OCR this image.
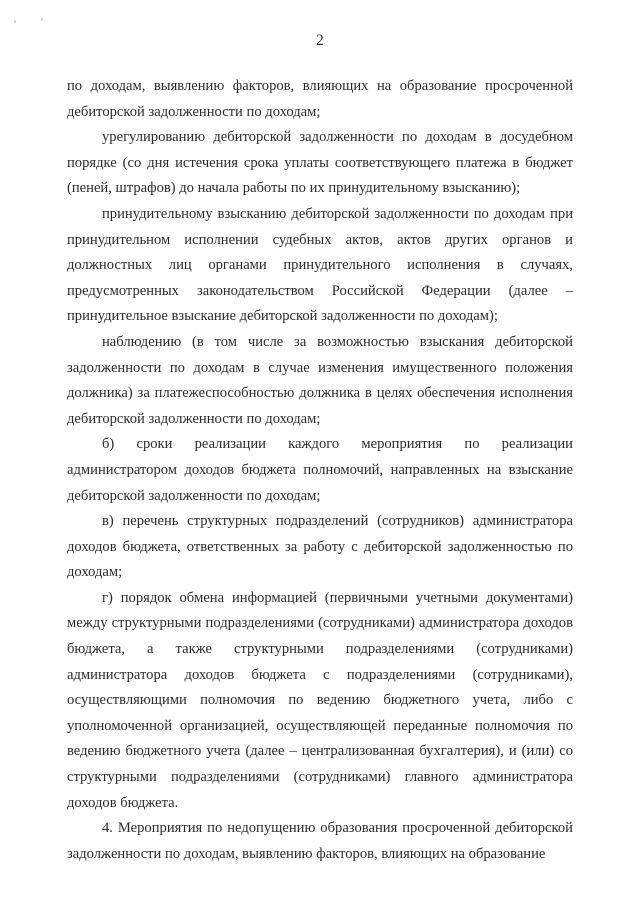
2

по доходам, выявлению факторов, влияющих на образование просроченной дебиторской задолженности по доходам;

урегулированию дебиторской задолженности по доходам в досудебном порядке (со дня истечения срока уплаты соответствующего платежа в бюджет (пеней, штрафов) до начала работы по их принудительному взысканию);

принудительному взысканию дебиторской задолженности по доходам при принудительном исполнении судебных актов, актов других органов и должностных лиц органами принудительного исполнения в случаях, предусмотренных законодательством Российской Федерации (далее – принудительное взыскание дебиторской задолженности по доходам);

наблюдению (в том числе за возможностью взыскания дебиторской задолженности по доходам в случае изменения имущественного положения должника) за платежеспособностью должника в целях обеспечения исполнения дебиторской задолженности по доходам;

б) сроки реализации каждого мероприятия по реализации администратором доходов бюджета полномочий, направленных на взыскание дебиторской задолженности по доходам;

в) перечень структурных подразделений (сотрудников) администратора доходов бюджета, ответственных за работу с дебиторской задолженностью по доходам;

г) порядок обмена информацией (первичными учетными документами) между структурными подразделениями (сотрудниками) администратора доходов бюджета, а также структурными подразделениями (сотрудниками) администратора доходов бюджета с подразделениями (сотрудниками), осуществляющими полномочия по ведению бюджетного учета, либо с уполномоченной организацией, осуществляющей переданные полномочия по ведению бюджетного учета (далее – централизованная бухгалтерия), и (или) со структурными подразделениями (сотрудниками) главного администратора доходов бюджета.

4. Мероприятия по недопущению образования просроченной дебиторской задолженности по доходам, выявлению факторов, влияющих на образование
